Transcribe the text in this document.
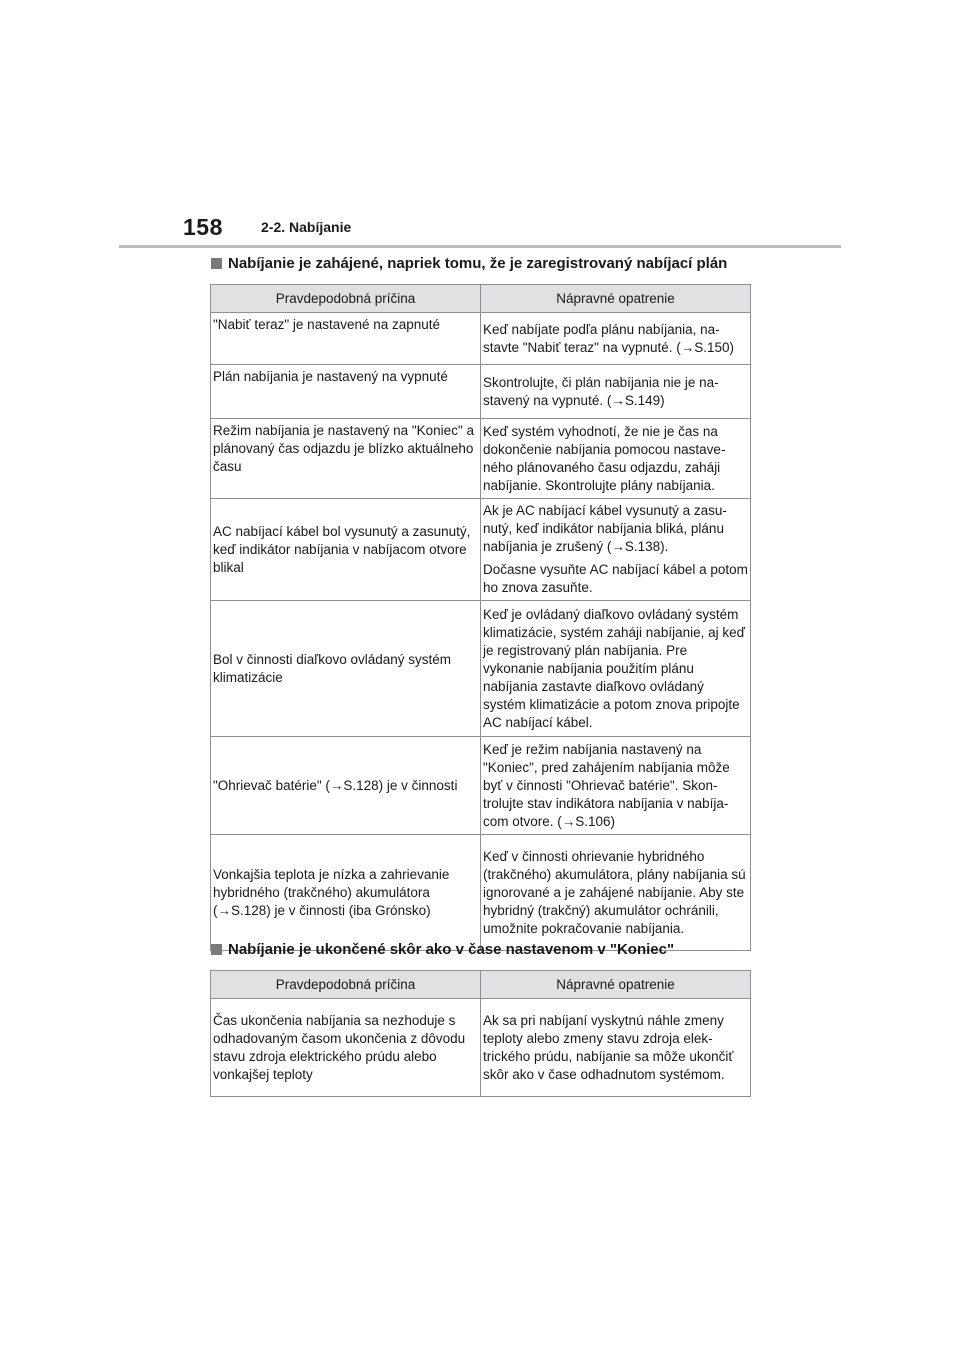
158	2-2. Nabíjanie
Nabíjanie je zahájené, napriek tomu, že je zaregistrovaný nabíjací plán
Pravdepodobná príčina	Nápravné opatrenie
"Nabiť teraz" je nastavené na zapnuté	Keď nabíjate podľa plánu nabíjania, nastavte "Nabiť teraz" na vypnuté. (→S.150)

Plán nabíjania je nastavený na vypnuté	Skontrolujte, či plán nabíjania nie je nastavený na vypnuté. (→S.149)

Režim nabíjania je nastavený na "Koniec" a plánovaný čas odjazdu je blízko aktuálneho času	Keď systém vyhodnotí, že nie je čas na dokončenie nabíjania pomocou nastaveného plánovaného času odjazdu, zaháji nabíjanie. Skontrolujte plány nabíjania.

AC nabíjací kábel bol vysunutý a zasunutý, keď indikátor nabíjania v nabíjacom otvore blikal	Ak je AC nabíjací kábel vysunutý a zasunutý, keď indikátor nabíjania bliká, plánu nabíjania je zrušený (→S.138).

Dočasne vysuňte AC nabíjací kábel a potom ho znova zasuňte.

Bol v činnosti diaľkovo ovládaný systém klimatizácie	Keď je ovládaný diaľkovo ovládaný systém klimatizácie, systém zaháji nabíjanie, aj keď je registrovaný plán nabíjania. Pre vykonanie nabíjania použitím plánu nabíjania zastavte diaľkovo ovládaný systém klimatizácie a potom znova pripojte AC nabíjací kábel.

"Ohrievač batérie" (→S.128) je v činnosti	Keď je režim nabíjania nastavený na "Koniec", pred zahájením nabíjania môže byť v činnosti "Ohrievač batérie". Skontrolujte stav indikátora nabíjania v nabíjacom otvore. (→S.106)

Vonkajšia teplota je nízka a zahrievanie hybridného (trakčného) akumulátora (→S.128) je v činnosti (iba Grónsko)	Keď v činnosti ohrievanie hybridného (trakčného) akumulátora, plány nabíjania sú ignorované a je zahájené nabíjanie. Aby ste hybridný (trakčný) akumulátor ochránili, umožnite pokračovanie nabíjania.

Nabíjanie je ukončené skôr ako v čase nastavenom v "Koniec"
Pravdepodobná príčina	Nápravné opatrenie
Čas ukončenia nabíjania sa nezhoduje s odhadovaným časom ukončenia z dôvodu stavu zdroja elektrického prúdu alebo vonkajšej teploty	Ak sa pri nabíjaní vyskytnú náhle zmeny teploty alebo zmeny stavu zdroja elektrického prúdu, nabíjanie sa môže ukončiť skôr ako v čase odhadnutom systémom.
